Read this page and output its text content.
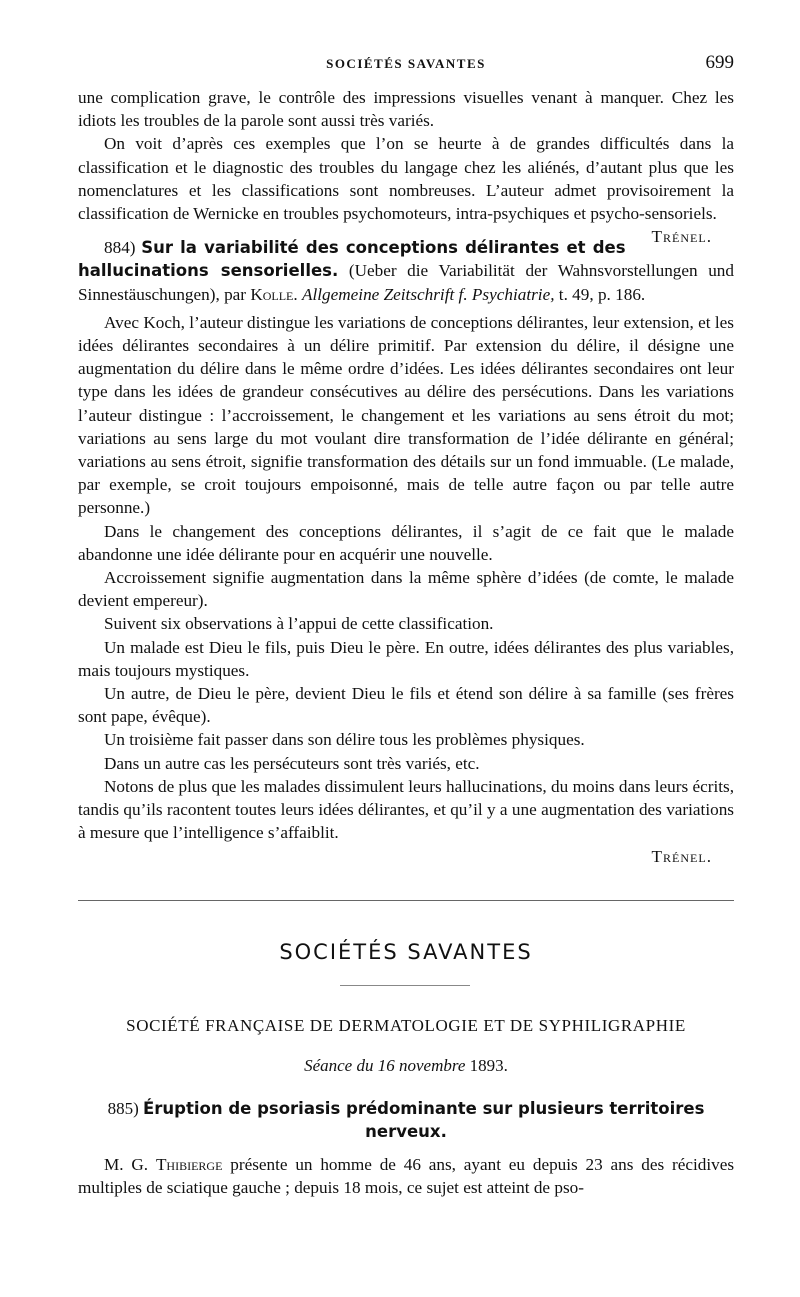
SOCIÉTÉS SAVANTES	699

une complication grave, le contrôle des impressions visuelles venant à manquer. Chez les idiots les troubles de la parole sont aussi très variés.

On voit d’après ces exemples que l’on se heurte à de grandes difficultés dans la classification et le diagnostic des troubles du langage chez les aliénés, d’autant plus que les nomenclatures et les classifications sont nombreuses. L’auteur admet provisoirement la classification de Wernicke en troubles psychomoteurs, intra-psychiques et psycho-sensoriels.
Trénel.

884) Sur la variabilité des conceptions délirantes et des hallucinations sensorielles. (Ueber die Variabilität der Wahnsvorstellungen und Sinnestäuschungen), par Kolle. Allgemeine Zeitschrift f. Psychiatrie, t. 49, p. 186.

Avec Koch, l’auteur distingue les variations de conceptions délirantes, leur extension, et les idées délirantes secondaires à un délire primitif. Par extension du délire, il désigne une augmentation du délire dans le même ordre d’idées. Les idées délirantes secondaires ont leur type dans les idées de grandeur consécutives au délire des persécutions. Dans les variations l’auteur distingue : l’accroissement, le changement et les variations au sens étroit du mot; variations au sens large du mot voulant dire transformation de l’idée délirante en général; variations au sens étroit, signifie transformation des détails sur un fond immuable. (Le malade, par exemple, se croit toujours empoisonné, mais de telle autre façon ou par telle autre personne.)

Dans le changement des conceptions délirantes, il s’agit de ce fait que le malade abandonne une idée délirante pour en acquérir une nouvelle.

Accroissement signifie augmentation dans la même sphère d’idées (de comte, le malade devient empereur).

Suivent six observations à l’appui de cette classification.

Un malade est Dieu le fils, puis Dieu le père. En outre, idées délirantes des plus variables, mais toujours mystiques.

Un autre, de Dieu le père, devient Dieu le fils et étend son délire à sa famille (ses frères sont pape, évêque).

Un troisième fait passer dans son délire tous les problèmes physiques.

Dans un autre cas les persécuteurs sont très variés, etc.

Notons de plus que les malades dissimulent leurs hallucinations, du moins dans leurs écrits, tandis qu’ils racontent toutes leurs idées délirantes, et qu’il y a une augmentation des variations à mesure que l’intelligence s’affaiblit.

Trénel.

SOCIÉTÉS SAVANTES
SOCIÉTÉ FRANÇAISE DE DERMATOLOGIE ET DE SYPHILIGRAPHIE
Séance du 16 novembre 1893.
885) Éruption de psoriasis prédominante sur plusieurs territoires nerveux.

M. G. Thibierge présente un homme de 46 ans, ayant eu depuis 23 ans des récidives multiples de sciatique gauche ; depuis 18 mois, ce sujet est atteint de pso-
